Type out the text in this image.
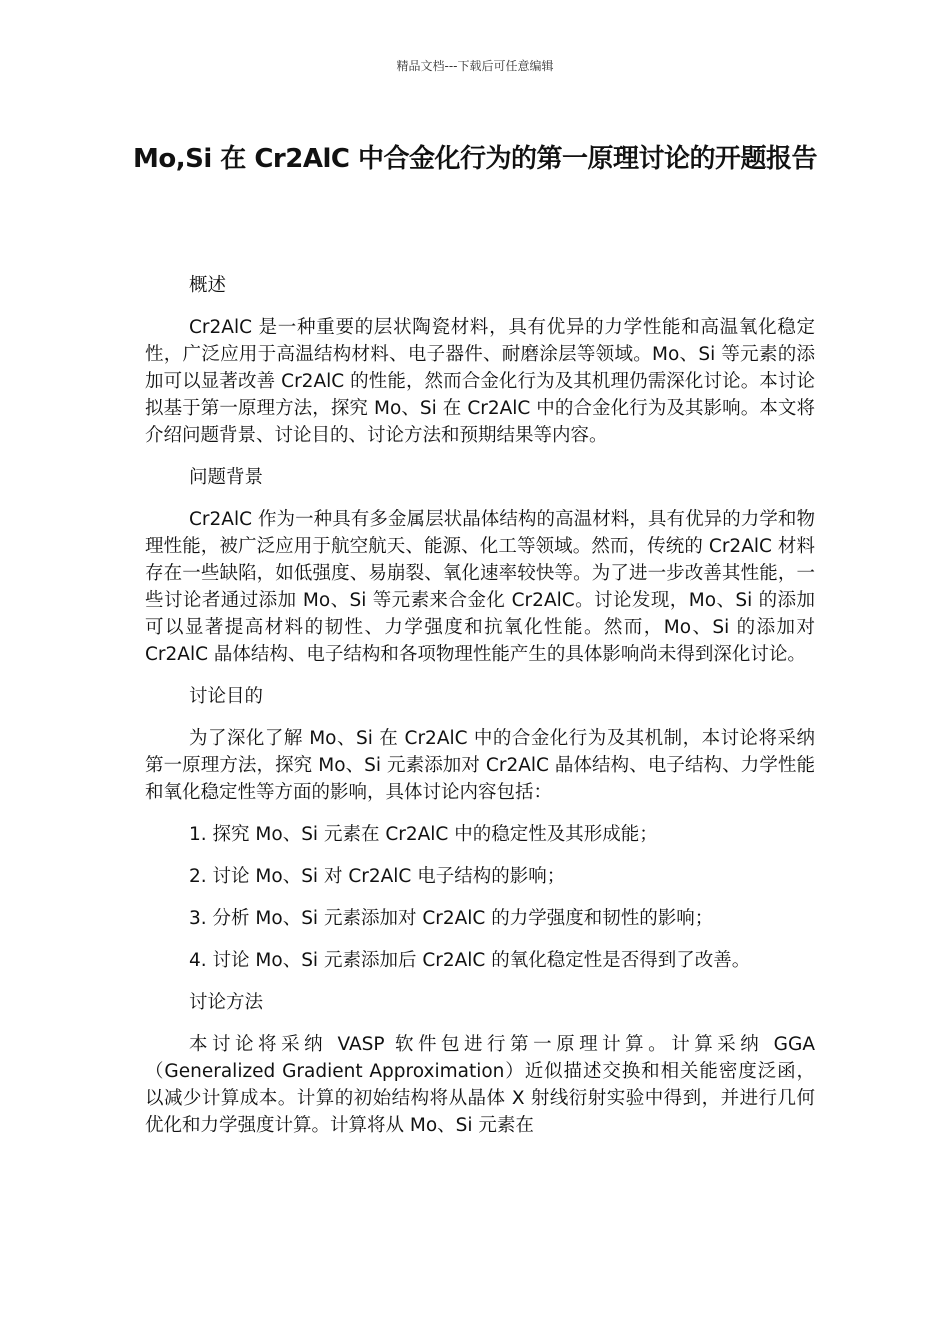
精品文档---下载后可任意编辑
Mo,Si 在 Cr2AlC 中合金化行为的第一原理讨论的开题报告

概述

Cr2AlC 是一种重要的层状陶瓷材料，具有优异的力学性能和高温氧化稳定性，广泛应用于高温结构材料、电子器件、耐磨涂层等领域。Mo、Si 等元素的添加可以显著改善 Cr2AlC 的性能，然而合金化行为及其机理仍需深化讨论。本讨论拟基于第一原理方法，探究 Mo、Si 在 Cr2AlC 中的合金化行为及其影响。本文将介绍问题背景、讨论目的、讨论方法和预期结果等内容。

问题背景

Cr2AlC 作为一种具有多金属层状晶体结构的高温材料，具有优异的力学和物理性能，被广泛应用于航空航天、能源、化工等领域。然而，传统的 Cr2AlC 材料存在一些缺陷，如低强度、易崩裂、氧化速率较快等。为了进一步改善其性能，一些讨论者通过添加 Mo、Si 等元素来合金化 Cr2AlC。讨论发现，Mo、Si 的添加可以显著提高材料的韧性、力学强度和抗氧化性能。然而，Mo、Si 的添加对 Cr2AlC 晶体结构、电子结构和各项物理性能产生的具体影响尚未得到深化讨论。

讨论目的

为了深化了解 Mo、Si 在 Cr2AlC 中的合金化行为及其机制，本讨论将采纳第一原理方法，探究 Mo、Si 元素添加对 Cr2AlC 晶体结构、电子结构、力学性能和氧化稳定性等方面的影响，具体讨论内容包括：

1. 探究 Mo、Si 元素在 Cr2AlC 中的稳定性及其形成能；

2. 讨论 Mo、Si 对 Cr2AlC 电子结构的影响；

3. 分析 Mo、Si 元素添加对 Cr2AlC 的力学强度和韧性的影响；

4. 讨论 Mo、Si 元素添加后 Cr2AlC 的氧化稳定性是否得到了改善。

讨论方法

本讨论将采纳 VASP 软件包进行第一原理计算。计算采纳 GGA（Generalized Gradient Approximation）近似描述交换和相关能密度泛函，以减少计算成本。计算的初始结构将从晶体 X 射线衍射实验中得到，并进行几何优化和力学强度计算。计算将从 Mo、Si 元素在
